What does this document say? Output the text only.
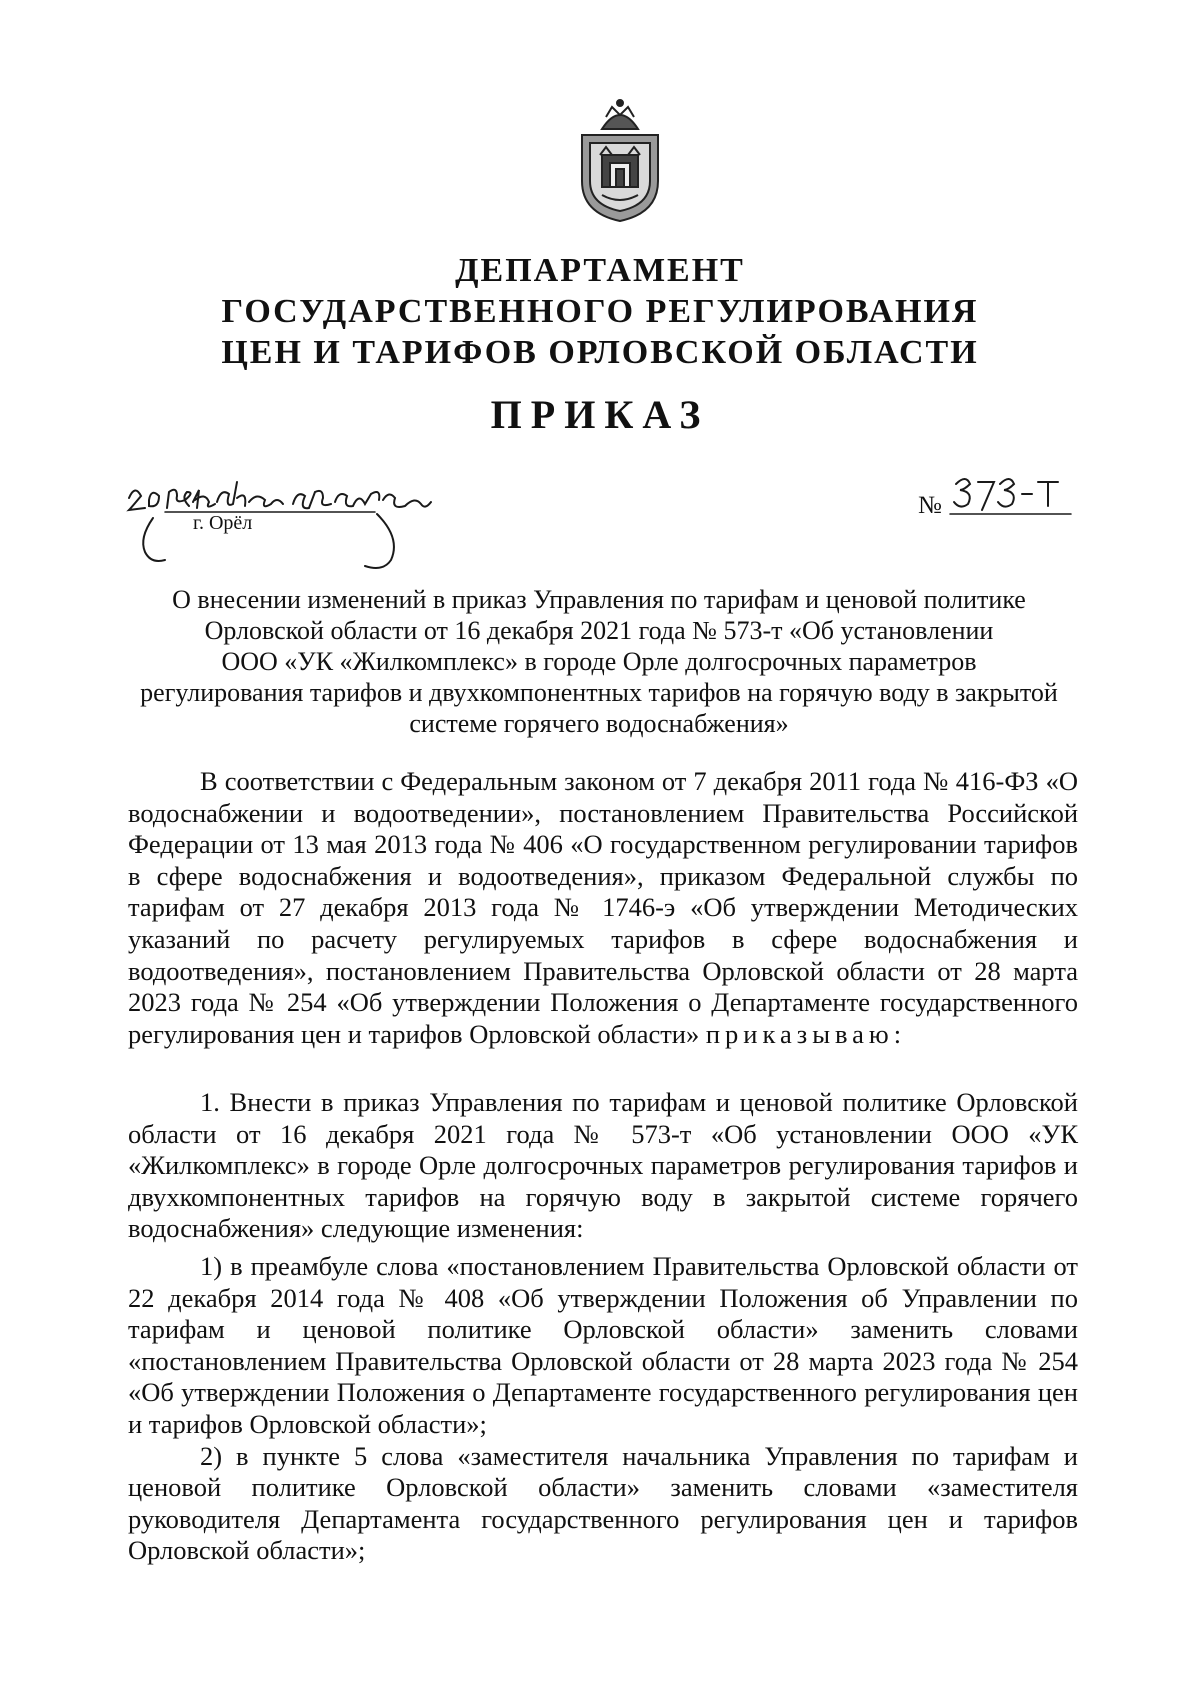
ДЕПАРТАМЕНТ
ГОСУДАРСТВЕННОГО РЕГУЛИРОВАНИЯ
ЦЕН И ТАРИФОВ ОРЛОВСКОЙ ОБЛАСТИ
ПРИКАЗ
г. Орёл
№
О внесении изменений в приказ Управления по тарифам и ценовой политике
Орловской области от 16 декабря 2021 года № 573-т «Об установлении
ООО «УК «Жилкомплекс» в городе Орле долгосрочных параметров
регулирования тарифов и двухкомпонентных тарифов на горячую воду в закрытой
системе горячего водоснабжения»

В соответствии с Федеральным законом от 7 декабря 2011 года № 416-ФЗ «О водоснабжении и водоотведении», постановлением Правительства Российской Федерации от 13 мая 2013 года № 406 «О государственном регулировании тарифов в сфере водоснабжения и водоотведения», приказом Федеральной службы по тарифам от 27 декабря 2013 года № 1746-э «Об утверждении Методических указаний по расчету регулируемых тарифов в сфере водоснабжения и водоотведения», постановлением Правительства Орловской области от 28 марта 2023 года № 254 «Об утверждении Положения о Департаменте государственного регулирования цен и тарифов Орловской области» приказываю:

1. Внести в приказ Управления по тарифам и ценовой политике Орловской области от 16 декабря 2021 года № 573-т «Об установлении ООО «УК «Жилкомплекс» в городе Орле долгосрочных параметров регулирования тарифов и двухкомпонентных тарифов на горячую воду в закрытой системе горячего водоснабжения» следующие изменения:

1) в преамбуле слова «постановлением Правительства Орловской области от 22 декабря 2014 года № 408 «Об утверждении Положения об Управлении по тарифам и ценовой политике Орловской области» заменить словами «постановлением Правительства Орловской области от 28 марта 2023 года № 254 «Об утверждении Положения о Департаменте государственного регулирования цен и тарифов Орловской области»;

2) в пункте 5 слова «заместителя начальника Управления по тарифам и ценовой политике Орловской области» заменить словами «заместителя руководителя Департамента государственного регулирования цен и тарифов Орловской области»;
